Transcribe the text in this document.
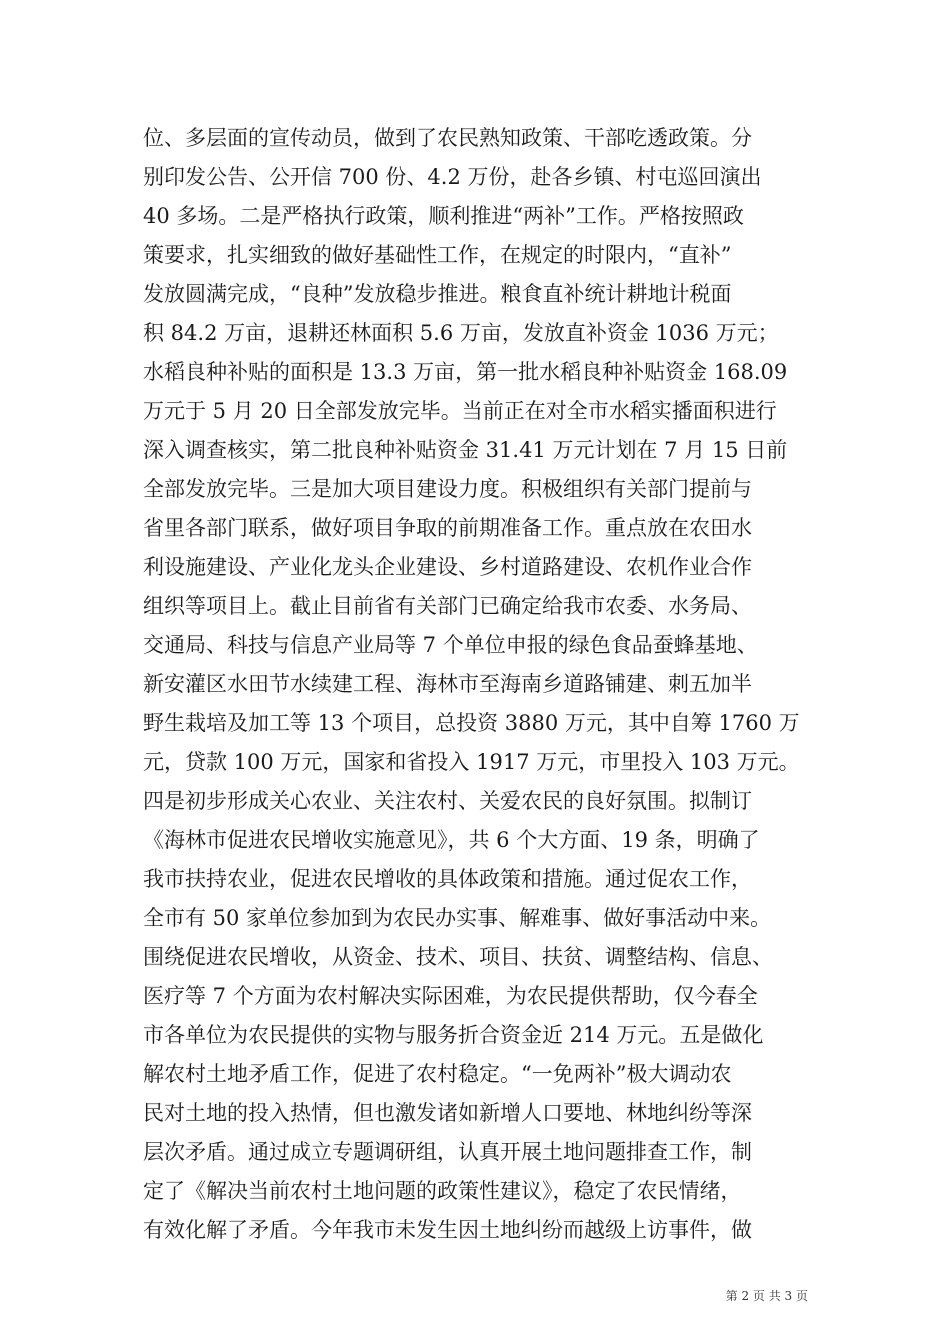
位、多层面的宣传动员，做到了农民熟知政策、干部吃透政策。分
别印发公告、公开信 700 份、4.2 万份，赴各乡镇、村屯巡回演出
40 多场。二是严格执行政策，顺利推进“两补”工作。严格按照政
策要求，扎实细致的做好基础性工作，在规定的时限内，“直补”
发放圆满完成，“良种”发放稳步推进。粮食直补统计耕地计税面
积 84.2 万亩，退耕还林面积 5.6 万亩，发放直补资金 1036 万元；
水稻良种补贴的面积是 13.3 万亩，第一批水稻良种补贴资金 168.09
万元于 5 月 20 日全部发放完毕。当前正在对全市水稻实播面积进行
深入调查核实，第二批良种补贴资金 31.41 万元计划在 7 月 15 日前
全部发放完毕。三是加大项目建设力度。积极组织有关部门提前与
省里各部门联系，做好项目争取的前期准备工作。重点放在农田水
利设施建设、产业化龙头企业建设、乡村道路建设、农机作业合作
组织等项目上。截止目前省有关部门已确定给我市农委、水务局、
交通局、科技与信息产业局等 7 个单位申报的绿色食品蚕蜂基地、
新安灌区水田节水续建工程、海林市至海南乡道路铺建、刺五加半
野生栽培及加工等 13 个项目，总投资 3880 万元，其中自筹 1760 万
元，贷款 100 万元，国家和省投入 1917 万元，市里投入 103 万元。
四是初步形成关心农业、关注农村、关爱农民的良好氛围。拟制订
《海林市促进农民增收实施意见》，共 6 个大方面、19 条，明确了
我市扶持农业，促进农民增收的具体政策和措施。通过促农工作，
全市有 50 家单位参加到为农民办实事、解难事、做好事活动中来。
围绕促进农民增收，从资金、技术、项目、扶贫、调整结构、信息、
医疗等 7 个方面为农村解决实际困难，为农民提供帮助，仅今春全
市各单位为农民提供的实物与服务折合资金近 214 万元。五是做化
解农村土地矛盾工作，促进了农村稳定。“一免两补”极大调动农
民对土地的投入热情，但也激发诸如新增人口要地、林地纠纷等深
层次矛盾。通过成立专题调研组，认真开展土地问题排查工作，制
定了《解决当前农村土地问题的政策性建议》，稳定了农民情绪，
有效化解了矛盾。今年我市未发生因土地纠纷而越级上访事件，做
第 2 页 共 3 页
